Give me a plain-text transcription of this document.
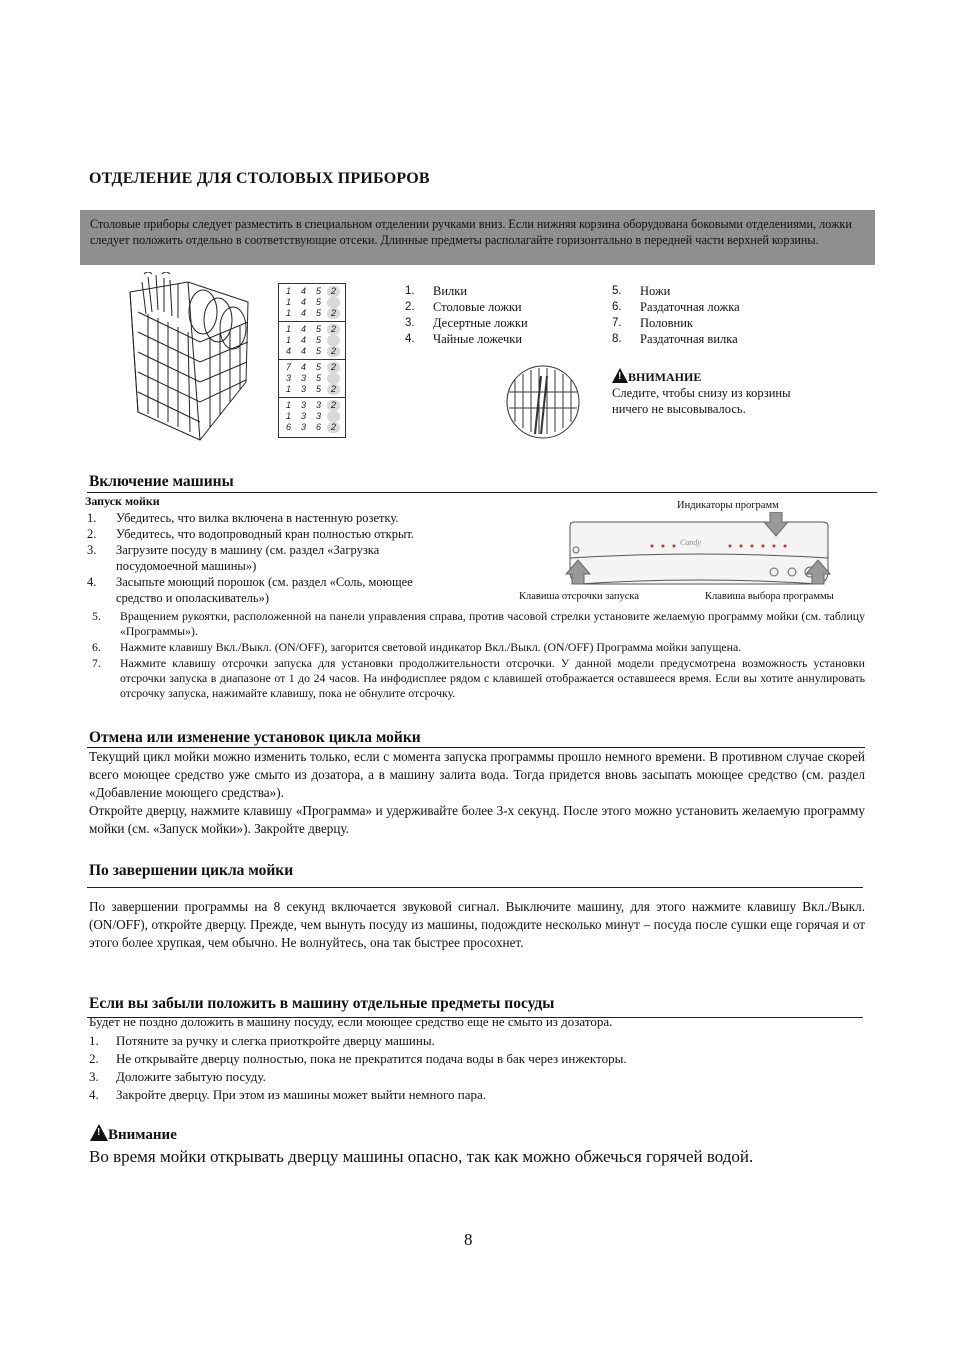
ОТДЕЛЕНИЕ ДЛЯ СТОЛОВЫХ ПРИБОРОВ

Столовые приборы следует разместить в специальном отделении ручками вниз. Если нижняя корзина оборудована боковыми отделениями, ложки следует положить отдельно в соответствующие отсеки. Длинные предметы располагайте горизонтально в передней части верхней корзины.

1	4	5	2
1	4	5
1	4	5	2
1	4	5	2
1	4	5
4	4	5	2
7	4	5	2
3	3	5
1	3	5	2
1	3	3	2
1	3	3
6	3	6	2
1. Вилки
2. Столовые ложки
3. Десертные ложки
4. Чайные ложечки
5. Ножи
6. Раздаточная ложка
7. Половник
8. Раздаточная вилка
!ВНИМАНИЕ
Следите, чтобы снизу из корзины
ничего не высовывалось.
Включение машины
Запуск мойки
1. Убедитесь, что вилка включена в настенную розетку.
2. Убедитесь, что водопроводный кран полностью открыт.
3. Загрузите посуду в машину (см. раздел «Загрузка
посудомоечной машины»)
4. Засыпьте моющий порошок (см. раздел «Соль, моющее
средство и ополаскиватель»)
Индикаторы программ
Candy
Клавиша отсрочки запуска	Клавиша выбора программы
5. Вращением рукоятки, расположенной на панели управления справа, против часовой стрелки установите желаемую программу мойки (см. таблицу «Программы»).
6. Нажмите клавишу Вкл./Выкл. (ON/OFF), загорится световой индикатор Вкл./Выкл. (ON/OFF) Программа мойки запущена.
7. Нажмите клавишу отсрочки запуска для установки продолжительности отсрочки. У данной модели предусмотрена возможность установки отсрочки запуска в диапазоне от 1 до 24 часов. На инфодисплее рядом с клавишей отображается оставшееся время. Если вы хотите аннулировать отсрочку запуска, нажимайте клавишу, пока не обнулите отсрочку.
Отмена или изменение установок цикла мойки
Текущий цикл мойки можно изменить только, если с момента запуска программы прошло немного времени. В противном случае скорей всего моющее средство уже смыто из дозатора, а в машину залита вода. Тогда придется вновь засыпать моющее средство (см. раздел «Добавление моющего средства»).
Откройте дверцу, нажмите клавишу «Программа» и удерживайте более 3-х секунд. После этого можно установить желаемую программу мойки (см. «Запуск мойки»). Закройте дверцу.
По завершении цикла мойки
По завершении программы на 8 секунд включается звуковой сигнал. Выключите машину, для этого нажмите клавишу Вкл./Выкл. (ON/OFF), откройте дверцу. Прежде, чем вынуть посуду из машины, подождите несколько минут – посуда после сушки еще горячая и от этого более хрупкая, чем обычно. Не волнуйтесь, она так быстрее просохнет.
Если вы забыли положить в машину отдельные предметы посуды
Будет не поздно доложить в машину посуду, если моющее средство еще не смыто из дозатора.
1. Потяните за ручку и слегка приоткройте дверцу машины.
2. Не открывайте дверцу полностью, пока не прекратится подача воды в бак через инжекторы.
3. Доложите забытую посуду.
4. Закройте дверцу. При этом из машины может выйти немного пара.
!Внимание
Во время мойки открывать дверцу машины опасно, так как можно обжечься горячей водой.
8
